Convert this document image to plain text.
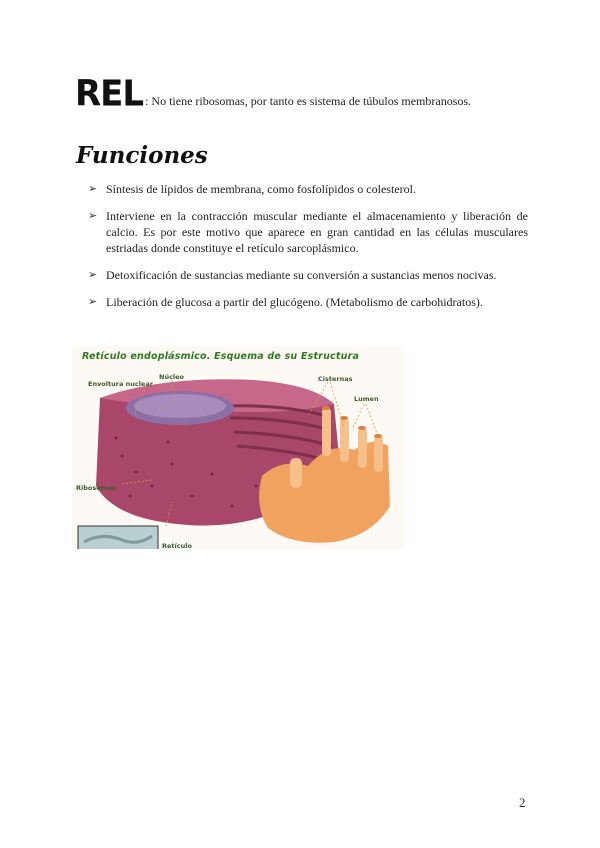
REL : No tiene ribosomas, por tanto es sistema de túbulos membranosos.
Funciones
➢ Síntesis de lípidos de membrana, como fosfolípidos o colesterol.
➢ Interviene en la contracción muscular mediante el almacenamiento y liberación de calcio. Es por este motivo que aparece en gran cantidad en las células musculares estriadas donde constituye el retículo sarcoplásmico.
➢ Detoxificación de sustancias mediante su conversión a sustancias menos nocivas.
➢ Liberación de glucosa a partir del glucógeno. (Metabolismo de carbohidratos).
Retículo endoplásmico. Esquema de su Estructura
Envoltura nuclear
Núcleo	Cisternas
Lumen
Ribosomas
Retículo
2
